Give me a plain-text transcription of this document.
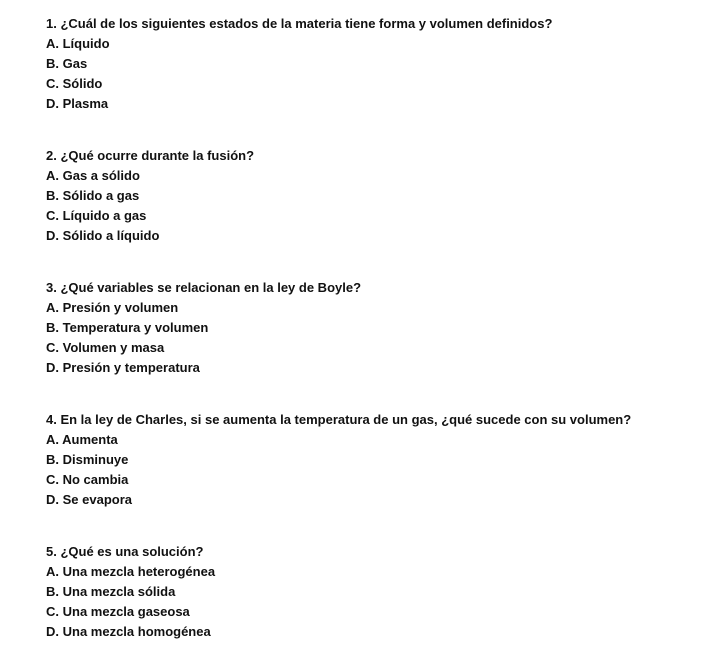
1. ¿Cuál de los siguientes estados de la materia tiene forma y volumen definidos?
A. Líquido
B. Gas
C. Sólido
D. Plasma
2. ¿Qué ocurre durante la fusión?
A. Gas a sólido
B. Sólido a gas
C. Líquido a gas
D. Sólido a líquido
3. ¿Qué variables se relacionan en la ley de Boyle?
A. Presión y volumen
B. Temperatura y volumen
C. Volumen y masa
D. Presión y temperatura
4. En la ley de Charles, si se aumenta la temperatura de un gas, ¿qué sucede con su volumen?
A. Aumenta
B. Disminuye
C. No cambia
D. Se evapora
5. ¿Qué es una solución?
A. Una mezcla heterogénea
B. Una mezcla sólida
C. Una mezcla gaseosa
D. Una mezcla homogénea
